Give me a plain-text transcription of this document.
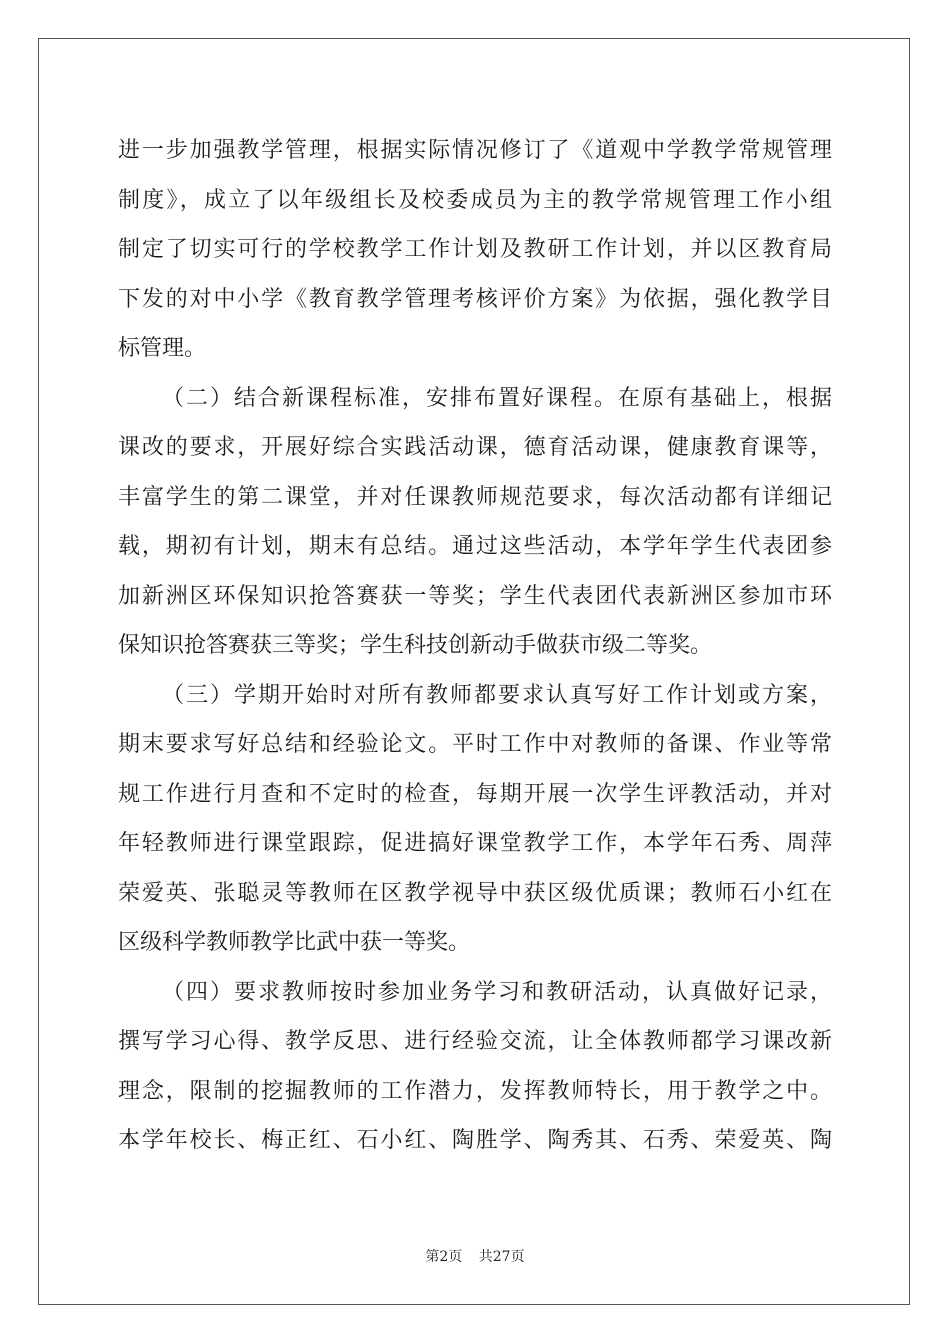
进一步加强教学管理，根据实际情况修订了《道观中学教学常规管理
制度》，成立了以年级组长及校委成员为主的教学常规管理工作小组
制定了切实可行的学校教学工作计划及教研工作计划，并以区教育局
下发的对中小学《教育教学管理考核评价方案》为依据，强化教学目
标管理。
（二）结合新课程标准，安排布置好课程。在原有基础上，根据
课改的要求，开展好综合实践活动课，德育活动课，健康教育课等，
丰富学生的第二课堂，并对任课教师规范要求，每次活动都有详细记
载，期初有计划，期末有总结。通过这些活动，本学年学生代表团参
加新洲区环保知识抢答赛获一等奖；学生代表团代表新洲区参加市环
保知识抢答赛获三等奖；学生科技创新动手做获市级二等奖。
（三）学期开始时对所有教师都要求认真写好工作计划或方案，
期末要求写好总结和经验论文。平时工作中对教师的备课、作业等常
规工作进行月查和不定时的检查，每期开展一次学生评教活动，并对
年轻教师进行课堂跟踪，促进搞好课堂教学工作，本学年石秀、周萍
荣爱英、张聪灵等教师在区教学视导中获区级优质课；教师石小红在
区级科学教师教学比武中获一等奖。
（四）要求教师按时参加业务学习和教研活动，认真做好记录，
撰写学习心得、教学反思、进行经验交流，让全体教师都学习课改新
理念，限制的挖掘教师的工作潜力，发挥教师特长，用于教学之中。
本学年校长、梅正红、石小红、陶胜学、陶秀其、石秀、荣爱英、陶
第2页 共27页
